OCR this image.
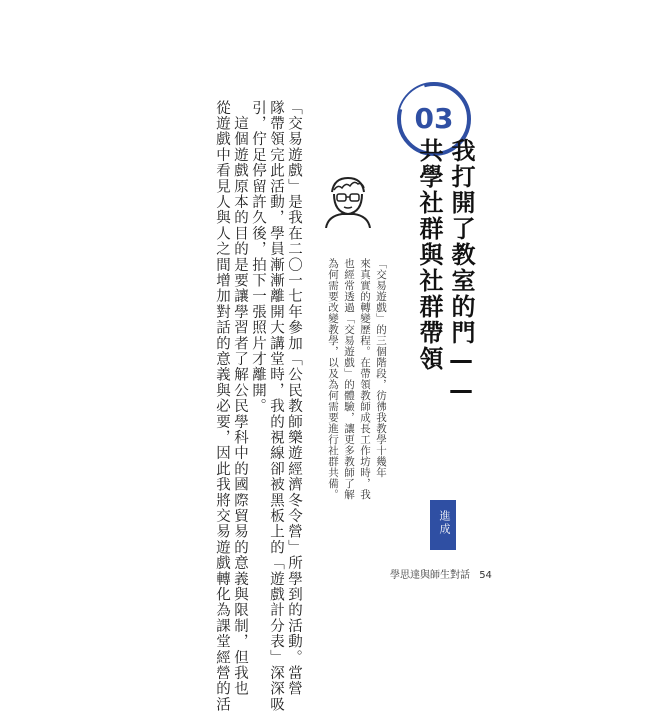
03
我打開了教室的門——
共學社群與社群帶領
「交易遊戲」的三個階段，彷彿我教學十幾年
來真實的轉變歷程。在帶領教師成長工作坊時，我
也經常透過「交易遊戲」的體驗，讓更多教師了解
為何需要改變教學，以及為何需要進行社群共備。
「交易遊戲」是我在二〇一七年參加「公民教師樂遊經濟冬令營」所學到的活動。當營
隊帶領完此活動，學員漸漸離開大講堂時，我的視線卻被黑板上的「遊戲計分表」深深吸
引，佇足停留許久後，拍下一張照片才離開。
　這個遊戲原本的目的是要讓學習者了解公民學科中的國際貿易的意義與限制，但我也
從遊戲中看見人與人之間增加對話的意義與必要，因此我將交易遊戲轉化為課堂經營的活	進成
學思達與師生對話 54
